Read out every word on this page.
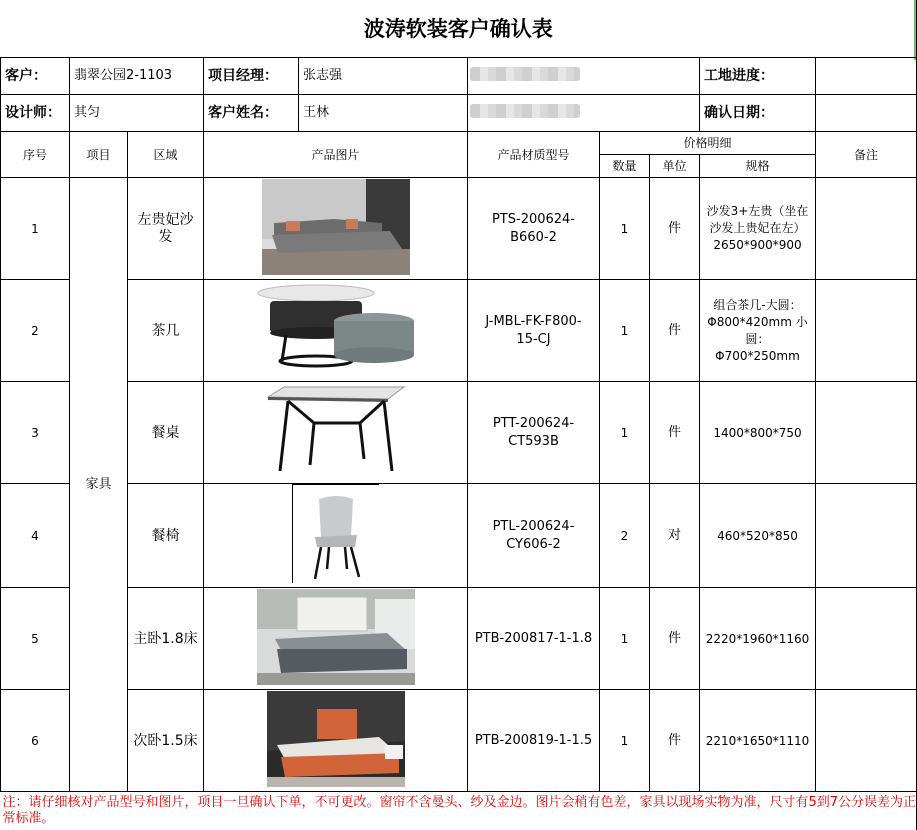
波涛软装客户确认表								
客户：	翡翠公园2-1103		项目经理： 张志强				工地进度：	
设计师：	其匀		客户姓名： 王林				确认日期：	
序号	项目	区域	产品图片	产品材质型号	价格明细			备注
					数量	单位	规格	
1	家具	左贵妃沙发		PTS-200624-B660-2	1	件	沙发3+左贵（坐在沙发上贵妃在左）2650*900*900	
2		茶几		J-MBL-FK-F800-15-CJ	1	件	组合茶几-大圆：Φ800*420mm 小圆：Φ700*250mm	
3		餐桌		PTT-200624-CT593B	1	件	1400*800*750	
4		餐椅		PTL-200624-CY606-2	2	对	460*520*850	
5		主卧1.8床		PTB-200817-1-1.8	1	件	2220*1960*1160	
6		次卧1.5床		PTB-200819-1-1.5	1	件	2210*1650*1110	
注：请仔细核对产品型号和图片，项目一旦确认下单，不可更改。窗帘不含曼头、纱及金边。图片会稍有色差，家具以现场实物为准，尺寸有5到7公分误差为正常标准。								
